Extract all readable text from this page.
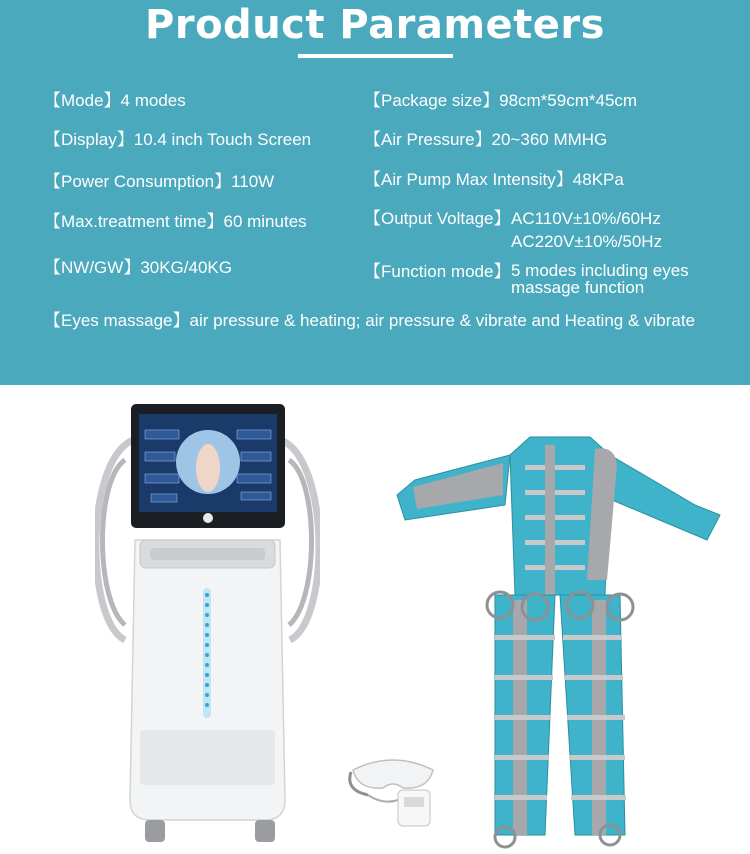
Product Parameters
【Mode】4 modes
【Display】10.4 inch Touch Screen
【Power Consumption】110W
【Max.treatment time】60 minutes
【NW/GW】30KG/40KG
【Package size】98cm*59cm*45cm
【Air Pressure】20~360 MMHG
【Air Pump Max Intensity】48KPa
【Output Voltage】 AC110V±10%/60Hz
AC220V±10%/50Hz
【Function mode】 5 modes including eyes
massage function
【Eyes massage】air pressure & heating; air pressure & vibrate and Heating & vibrate
